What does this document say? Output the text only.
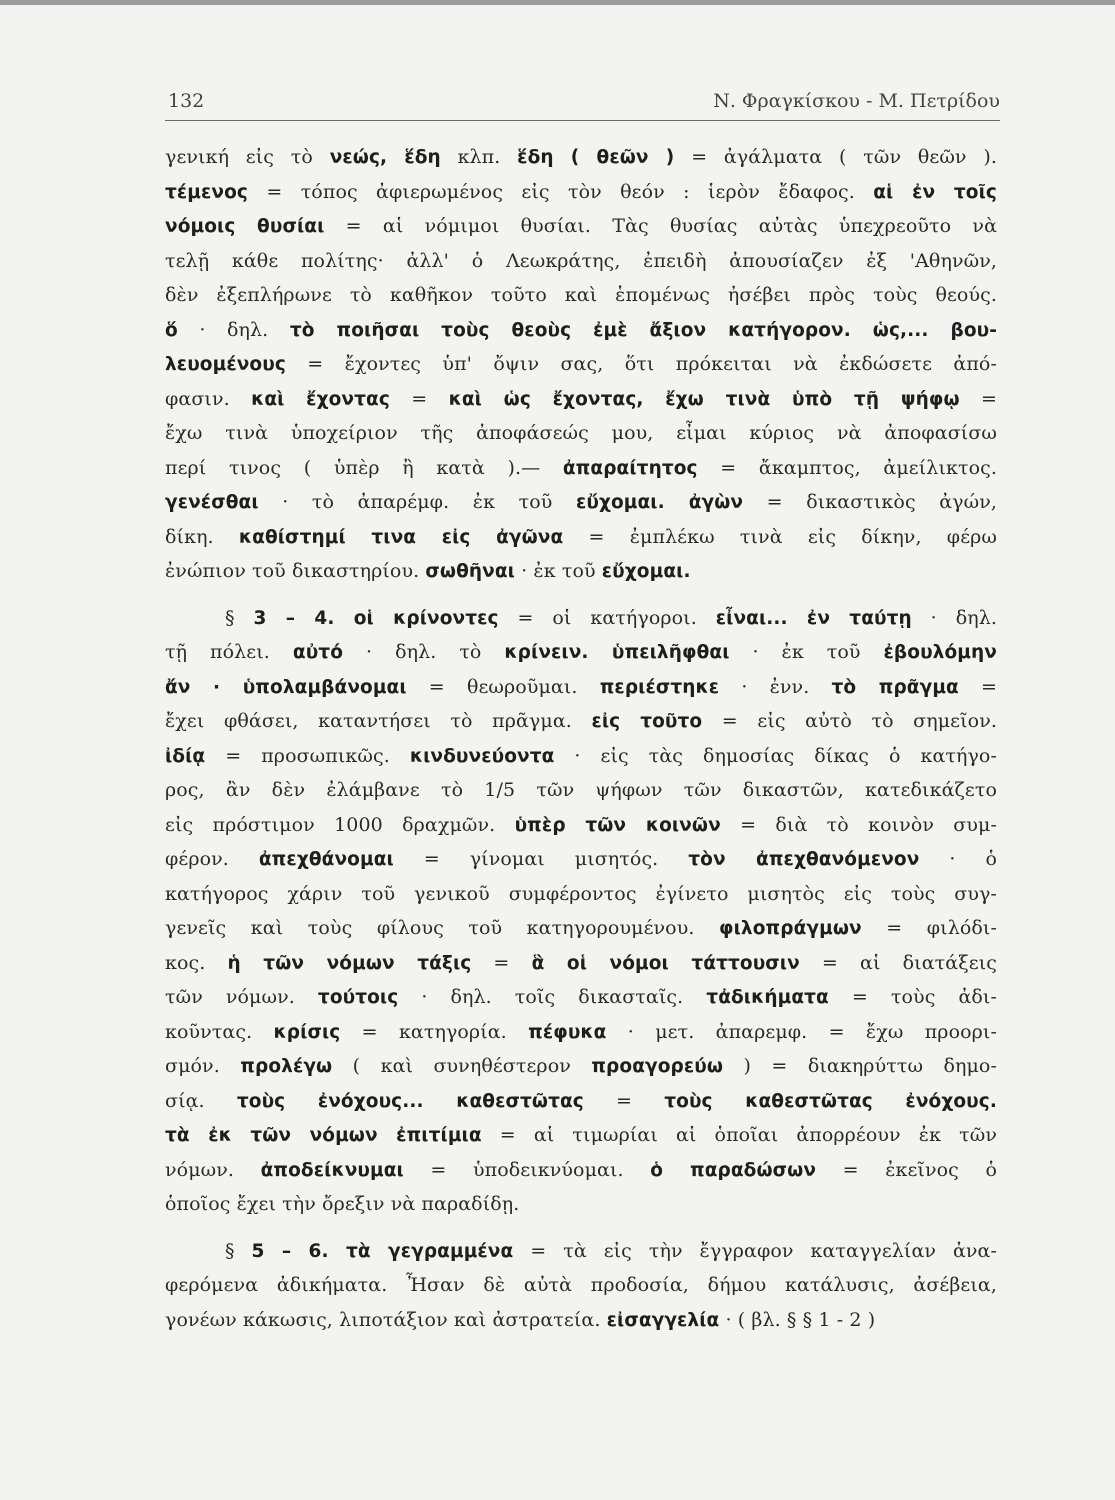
132	Ν. Φραγκίσκου - Μ. Πετρίδου
γενική εἰς τὸ νεώς, ἕδη κλπ. ἕδη ( θεῶν ) = ἀγάλματα ( τῶν θεῶν ).
τέμενος = τόπος ἀφιερωμένος εἰς τὸν θεόν : ἱερὸν ἔδαφος. αἱ ἐν τοῖς
νόμοις θυσίαι = αἱ νόμιμοι θυσίαι. Τὰς θυσίας αὐτὰς ὑπεχρεοῦτο νὰ
τελῇ κάθε πολίτης· ἀλλ' ὁ Λεωκράτης, ἐπειδὴ ἀπουσίαζεν ἐξ 'Αθηνῶν,
δὲν ἐξεπλήρωνε τὸ καθῆκον τοῦτο καὶ ἑπομένως ἠσέβει πρὸς τοὺς θεούς.
ὅ · δηλ. τὸ ποιῆσαι τοὺς θεοὺς ἐμὲ ἄξιον κατήγορον. ὡς,... βου-
λευομένους = ἔχοντες ὑπ' ὄψιν σας, ὅτι πρόκειται νὰ ἐκδώσετε ἀπό-
φασιν. καὶ ἔχοντας = καὶ ὡς ἔχοντας, ἔχω τινὰ ὑπὸ τῇ ψήφῳ =
ἔχω τινὰ ὑποχείριον τῆς ἀποφάσεώς μου, εἶμαι κύριος νὰ ἀποφασίσω
περί τινος ( ὑπὲρ ἢ κατὰ ).— ἀπαραίτητος = ἄκαμπτος, ἀμείλικτος.
γενέσθαι · τὸ ἀπαρέμφ. ἐκ τοῦ εὔχομαι. ἀγὼν = δικαστικὸς ἀγών,
δίκη. καθίστημί τινα εἰς ἀγῶνα = ἐμπλέκω τινὰ εἰς δίκην, φέρω
ἐνώπιον τοῦ δικαστηρίου. σωθῆναι · ἐκ τοῦ εὔχομαι.
§ 3 – 4. οἱ κρίνοντες = οἱ κατήγοροι. εἶναι... ἐν ταύτῃ · δηλ.
τῇ πόλει. αὐτό · δηλ. τὸ κρίνειν. ὑπειλῆφθαι · ἐκ τοῦ ἐβουλόμην
ἄν · ὑπολαμβάνομαι = θεωροῦμαι. περιέστηκε · ἐνν. τὸ πρᾶγμα =
ἔχει φθάσει, καταντήσει τὸ πρᾶγμα. εἰς τοῦτο = εἰς αὐτὸ τὸ σημεῖον.
ἰδίᾳ = προσωπικῶς. κινδυνεύοντα · εἰς τὰς δημοσίας δίκας ὁ κατήγο-
ρος, ἂν δὲν ἐλάμβανε τὸ 1/5 τῶν ψήφων τῶν δικαστῶν, κατεδικάζετο
εἰς πρόστιμον 1000 δραχμῶν. ὑπὲρ τῶν κοινῶν = διὰ τὸ κοινὸν συμ-
φέρον. ἀπεχθάνομαι = γίνομαι μισητός. τὸν ἀπεχθανόμενον · ὁ
κατήγορος χάριν τοῦ γενικοῦ συμφέροντος ἐγίνετο μισητὸς εἰς τοὺς συγ-
γενεῖς καὶ τοὺς φίλους τοῦ κατηγορουμένου. φιλοπράγμων = φιλόδι-
κος. ἡ τῶν νόμων τάξις = ἃ οἱ νόμοι τάττουσιν = αἱ διατάξεις
τῶν νόμων. τούτοις · δηλ. τοῖς δικασταῖς. τἀδικήματα = τοὺς ἀδι-
κοῦντας. κρίσις = κατηγορία. πέφυκα · μετ. ἀπαρεμφ. = ἔχω προορι-
σμόν. προλέγω ( καὶ συνηθέστερον προαγορεύω ) = διακηρύττω δημο-
σίᾳ. τοὺς ἐνόχους... καθεστῶτας = τοὺς καθεστῶτας ἐνόχους.
τὰ ἐκ τῶν νόμων ἐπιτίμια = αἱ τιμωρίαι αἱ ὁποῖαι ἀπορρέουν ἐκ τῶν
νόμων. ἀποδείκνυμαι = ὑποδεικνύομαι. ὁ παραδώσων = ἐκεῖνος ὁ
ὁποῖος ἔχει τὴν ὄρεξιν νὰ παραδίδῃ.
§ 5 – 6. τὰ γεγραμμένα = τὰ εἰς τὴν ἔγγραφον καταγγελίαν ἀνα-
φερόμενα ἀδικήματα. Ἦσαν δὲ αὐτὰ προδοσία, δήμου κατάλυσις, ἀσέβεια,
γονέων κάκωσις, λιποτάξιον καὶ ἀστρατεία. εἰσαγγελία · ( βλ. § § 1 - 2 )
